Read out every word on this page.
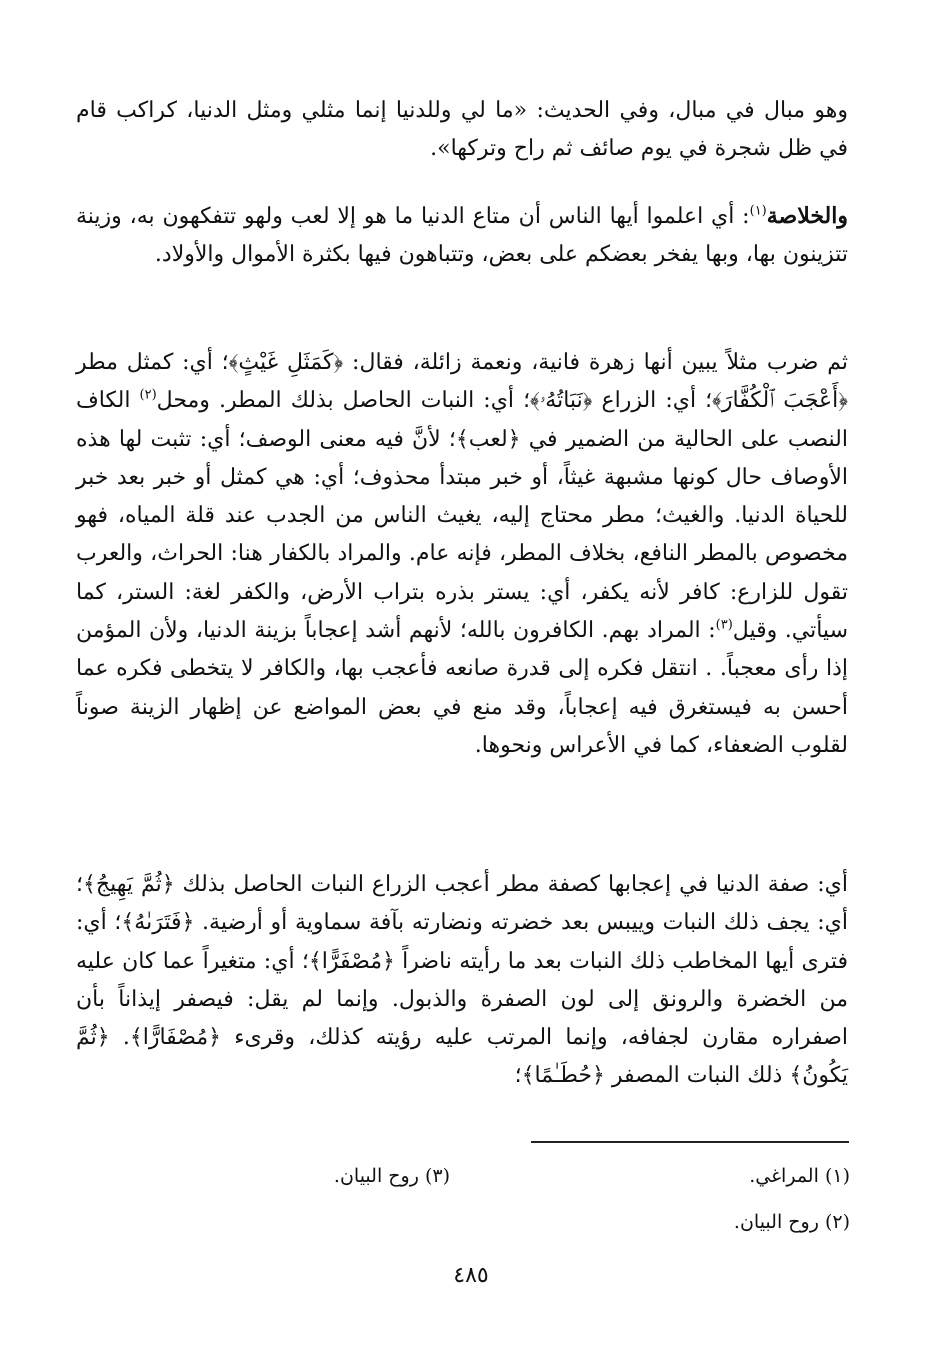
وهو مبال في مبال، وفي الحديث: «ما لي وللدنيا إنما مثلي ومثل الدنيا، كراكب قام في ظل شجرة في يوم صائف ثم راح وتركها».
والخلاصة$^{(١)}$: أي اعلموا أيها الناس أن متاع الدنيا ما هو إلا لعب ولهو تتفكهون به، وزينة تتزينون بها، وبها يفخر بعضكم على بعض، وتتباهون فيها بكثرة الأموال والأولاد.
ثم ضرب مثلاً يبين أنها زهرة فانية، ونعمة زائلة، فقال: ﴿كَمَثَلِ غَيْثٍ﴾؛ أي: كمثل مطر ﴿أَعْجَبَ ٱلْكُفَّارَ﴾؛ أي: الزراع ﴿نَبَاتُهُۥ﴾؛ أي: النبات الحاصل بذلك المطر. ومحل$^{(٢)}$ الكاف النصب على الحالية من الضمير في ﴿لعب﴾؛ لأنَّ فيه معنى الوصف؛ أي: تثبت لها هذه الأوصاف حال كونها مشبهة غيثاً، أو خبر مبتدأ محذوف؛ أي: هي كمثل أو خبر بعد خبر للحياة الدنيا. والغيث؛ مطر محتاج إليه، يغيث الناس من الجدب عند قلة المياه، فهو مخصوص بالمطر النافع، بخلاف المطر، فإنه عام. والمراد بالكفار هنا: الحراث، والعرب تقول للزارع: كافر لأنه يكفر، أي: يستر بذره بتراب الأرض، والكفر لغة: الستر، كما سيأتي. وقيل$^{(٣)}$: المراد بهم. الكافرون بالله؛ لأنهم أشد إعجاباً بزينة الدنيا، ولأن المؤمن إذا رأى معجباً. . انتقل فكره إلى قدرة صانعه فأعجب بها، والكافر لا يتخطى فكره عما أحسن به فيستغرق فيه إعجاباً، وقد منع في بعض المواضع عن إظهار الزينة صوناً لقلوب الضعفاء، كما في الأعراس ونحوها.
أي: صفة الدنيا في إعجابها كصفة مطر أعجب الزراع النبات الحاصل بذلك ﴿ثُمَّ يَهِيجُ﴾؛ أي: يجف ذلك النبات وييبس بعد خضرته ونضارته بآفة سماوية أو أرضية. ﴿فَتَرَىٰهُ﴾؛ أي: فترى أيها المخاطب ذلك النبات بعد ما رأيته ناضراً ﴿مُصْفَرًّا﴾؛ أي: متغيراً عما كان عليه من الخضرة والرونق إلى لون الصفرة والذبول. وإنما لم يقل: فيصفر إيذاناً بأن اصفراره مقارن لجفافه، وإنما المرتب عليه رؤيته كذلك، وقرىء ﴿مُصْفَارًّا﴾. ﴿ثُمَّ يَكُونُ﴾ ذلك النبات المصفر ﴿حُطَـٰمًا﴾؛
(١) المراغي.
(٣) روح البيان.
(٢) روح البيان.
٤٨٥
